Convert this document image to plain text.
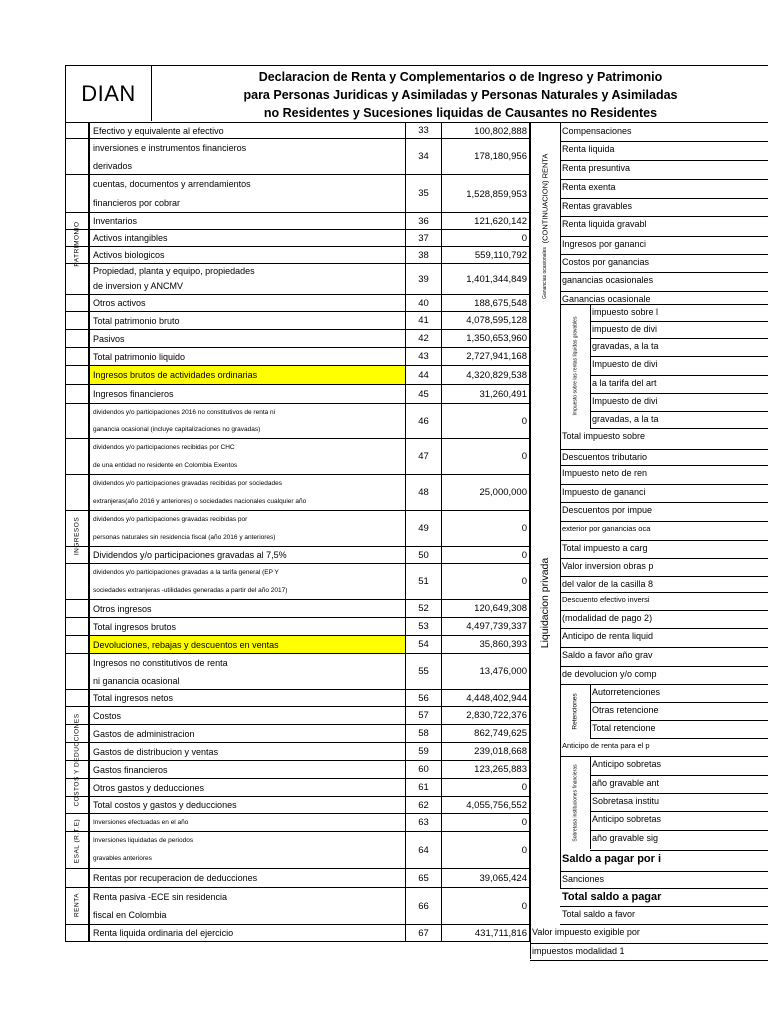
DIAN
Declaracion de Renta y Complementarios o de Ingreso y Patrimonio
para Personas Juridicas y Asimiladas y Personas Naturales y Asimiladas
no Residentes y Sucesiones liquidas de Causantes no Residentes
Efectivo y equivalente al efectivo	33	100,802,888
inversiones e instrumentos financieros
derivados
34	178,180,956
cuentas, documentos y arrendamientos
financieros por cobrar
35	1,528,859,953
Inventarios	36	121,620,142
Activos intangibles	37	0
Activos biologicos	38	559,110,792
Propiedad, planta y equipo, propiedades
de inversion y ANCMV
39	1,401,344,849
Otros activos	40	188,675,548
Total patrimonio bruto	41	4,078,595,128
Pasivos	42	1,350,653,960
Total patrimonio liquido	43	2,727,941,168
Ingresos brutos de actividades ordinarias	44	4,320,829,538
Ingresos financieros	45	31,260,491
dividendos y/o participaciones 2016 no constitutivos de renta ni
ganancia ocasional (incluye capitalizaciones no gravadas)
46	0
dividendos y/o participaciones recibidas por CHC
de una entidad no residente en Colombia Exentos
47	0
dividendos y/o participaciones gravadas recibidas por sociedades
extranjeras(año 2016 y anteriores) o sociedades nacionales cualquier año
48	25,000,000
dividendos y/o participaciones gravadas recibidas por
personas naturales sin residencia fiscal (año 2016 y anteriores)
49	0
Dividendos y/o participaciones gravadas al 7,5%	50	0
dividendos y/o participaciones gravadas a la tarifa general (EP Y
sociedades extranjeras -utilidades generadas a partir del año 2017)
51	0
Otros ingresos	52	120,649,308
Total ingresos brutos	53	4,497,739,337
Devoluciones, rebajas y descuentos en ventas	54	35,860,393
Ingresos no constitutivos de renta
ni ganancia ocasional
55	13,476,000
Total ingresos netos	56	4,448,402,944
Costos	57	2,830,722,376
Gastos de administracion	58	862,749,625
Gastos de distribucion y ventas	59	239,018,668
Gastos financieros	60	123,265,883
Otros gastos y deducciones	61	0
Total costos y gastos y deducciones	62	4,055,756,552
Inversiones efectuadas en el año	63	0
Inversiones liquidadas de periodos
gravables anteriores
64	0
Rentas por recuperacion de deducciones	65	39,065,424
Renta pasiva -ECE sin residencia
fiscal en Colombia
66	0
Renta liquida ordinaria del ejercicio	67	431,711,816
PATRIMONIO
INGRESOS
COSTOS Y DEDUCCIONES
ESAL (R.T.E)
RENTA
Compensaciones
Renta liquida
Renta presuntiva
Renta exenta
Rentas gravables
Renta liquida gravabl
Ingresos por gananci
Costos por ganancias
ganancias ocasionales
Ganancias ocasionale
impuesto sobre l
impuesto de divi
gravadas, a la ta
Impuesto de divi
a la tarifa del art
Impuesto de divi
gravadas, a la ta
Total impuesto sobre
Descuentos tributario
Impuesto neto de ren
Impuesto de gananci
Descuentos por impue
exterior por ganancias oca
Total impuesto a carg
Valor inversion obras p
del valor de la casilla 8
Descuento efectivo inversi
(modalidad de pago 2)
Anticipo de renta liquid
Saldo a favor año grav
de devolucion y/o comp
Autorretenciones
Otras retencione
Total retencione
Anticipo de renta para el p
Anticipo sobretas
año gravable ant
Sobretasa institu
Anticipo sobretas
año gravable sig
Saldo a pagar por i
Sanciones
Total saldo a pagar
Total saldo a favor
Valor impuesto exigible por
impuestos modalidad 1
(CONTINUACION) RENTA
Ganancias ocasionales
Impuesto sobre las rentas liquidas gravables
Liquidacion privada
Retenciones
Sobretasa instituciones financieras
